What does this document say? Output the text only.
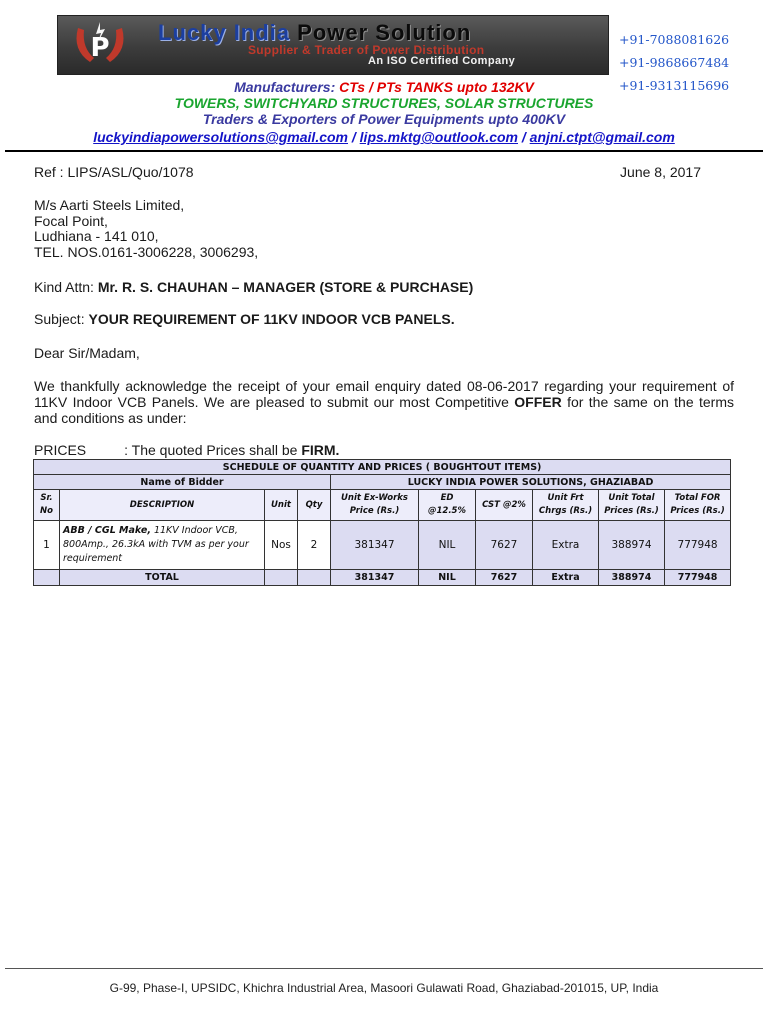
P
Lucky India Power Solution
Supplier & Trader of Power Distribution
An ISO Certified Company
+91-7088081626
+91-9868667484
+91-9313115696
Manufacturers: CTs / PTs TANKS upto 132KV
TOWERS, SWITCHYARD STRUCTURES, SOLAR STRUCTURES
Traders & Exporters of Power Equipments upto 400KV
luckyindiapowersolutions@gmail.com / lips.mktg@outlook.com / anjni.ctpt@gmail.com
Ref : LIPS/ASL/Quo/1078	June 8, 2017
M/s Aarti Steels Limited,
Focal Point,
Ludhiana - 141 010,
TEL. NOS.0161-3006228, 3006293,
Kind Attn: Mr. R. S. CHAUHAN – MANAGER (STORE & PURCHASE)
Subject: YOUR REQUIREMENT OF 11KV INDOOR VCB PANELS.
Dear Sir/Madam,
We thankfully acknowledge the receipt of your email enquiry dated 08-06-2017 regarding your requirement of 11KV Indoor VCB Panels. We are pleased to submit our most Competitive OFFER for the same on the terms and conditions as under:
PRICES	: The quoted Prices shall be FIRM.
SCHEDULE OF QUANTITY AND PRICES ( BOUGHTOUT ITEMS)									
Name of Bidder				LUCKY INDIA POWER SOLUTIONS, GHAZIABAD					
Sr. No	DESCRIPTION	Unit	Qty	Unit Ex-Works Price (Rs.)	ED @12.5%	CST @2%	Unit Frt Chrgs (Rs.)	Unit Total Prices (Rs.)	Total FOR Prices (Rs.)
1	ABB / CGL Make, 11KV Indoor VCB, 800Amp., 26.3kA with TVM as per your requirement	Nos	2	381347	NIL	7627	Extra	388974	777948
	TOTAL			381347	NIL	7627	Extra	388974	777948
G-99, Phase-I, UPSIDC, Khichra Industrial Area, Masoori Gulawati Road, Ghaziabad-201015, UP, India
